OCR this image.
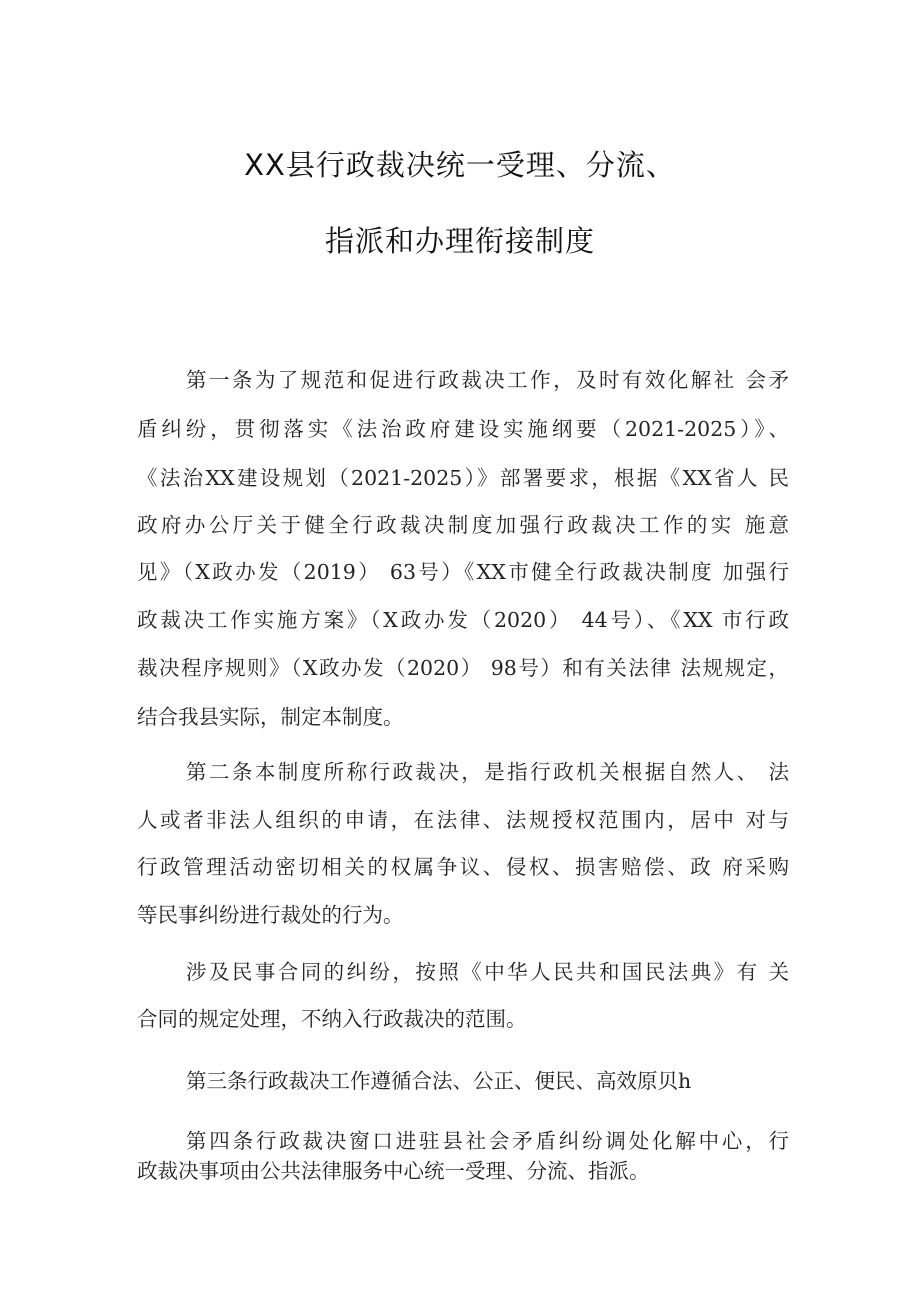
XX县行政裁决统一受理、分流、
指派和办理衔接制度
第一条为了规范和促进行政裁决工作，及时有效化解社 会矛
盾纠纷，贯彻落实《法治政府建设实施纲要（2021-2025）》、
《法治XX建设规划（2021-2025）》部署要求，根据《XX省人 民
政府办公厅关于健全行政裁决制度加强行政裁决工作的实 施意
见》（X政办发（2019） 63号）《XX市健全行政裁决制度 加强行
政裁决工作实施方案》（X政办发（2020） 44号）、《XX 市行政
裁决程序规则》（X政办发（2020） 98号）和有关法律 法规规定，
结合我县实际，制定本制度。
第二条本制度所称行政裁决，是指行政机关根据自然人、 法
人或者非法人组织的申请，在法律、法规授权范围内，居中 对与
行政管理活动密切相关的权属争议、侵权、损害赔偿、政 府采购
等民事纠纷进行裁处的行为。
涉及民事合同的纠纷，按照《中华人民共和国民法典》有 关
合同的规定处理，不纳入行政裁决的范围。
第三条行政裁决工作遵循合法、公正、便民、高效原贝h
第四条行政裁决窗口进驻县社会矛盾纠纷调处化解中心，行
政裁决事项由公共法律服务中心统一受理、分流、指派。
